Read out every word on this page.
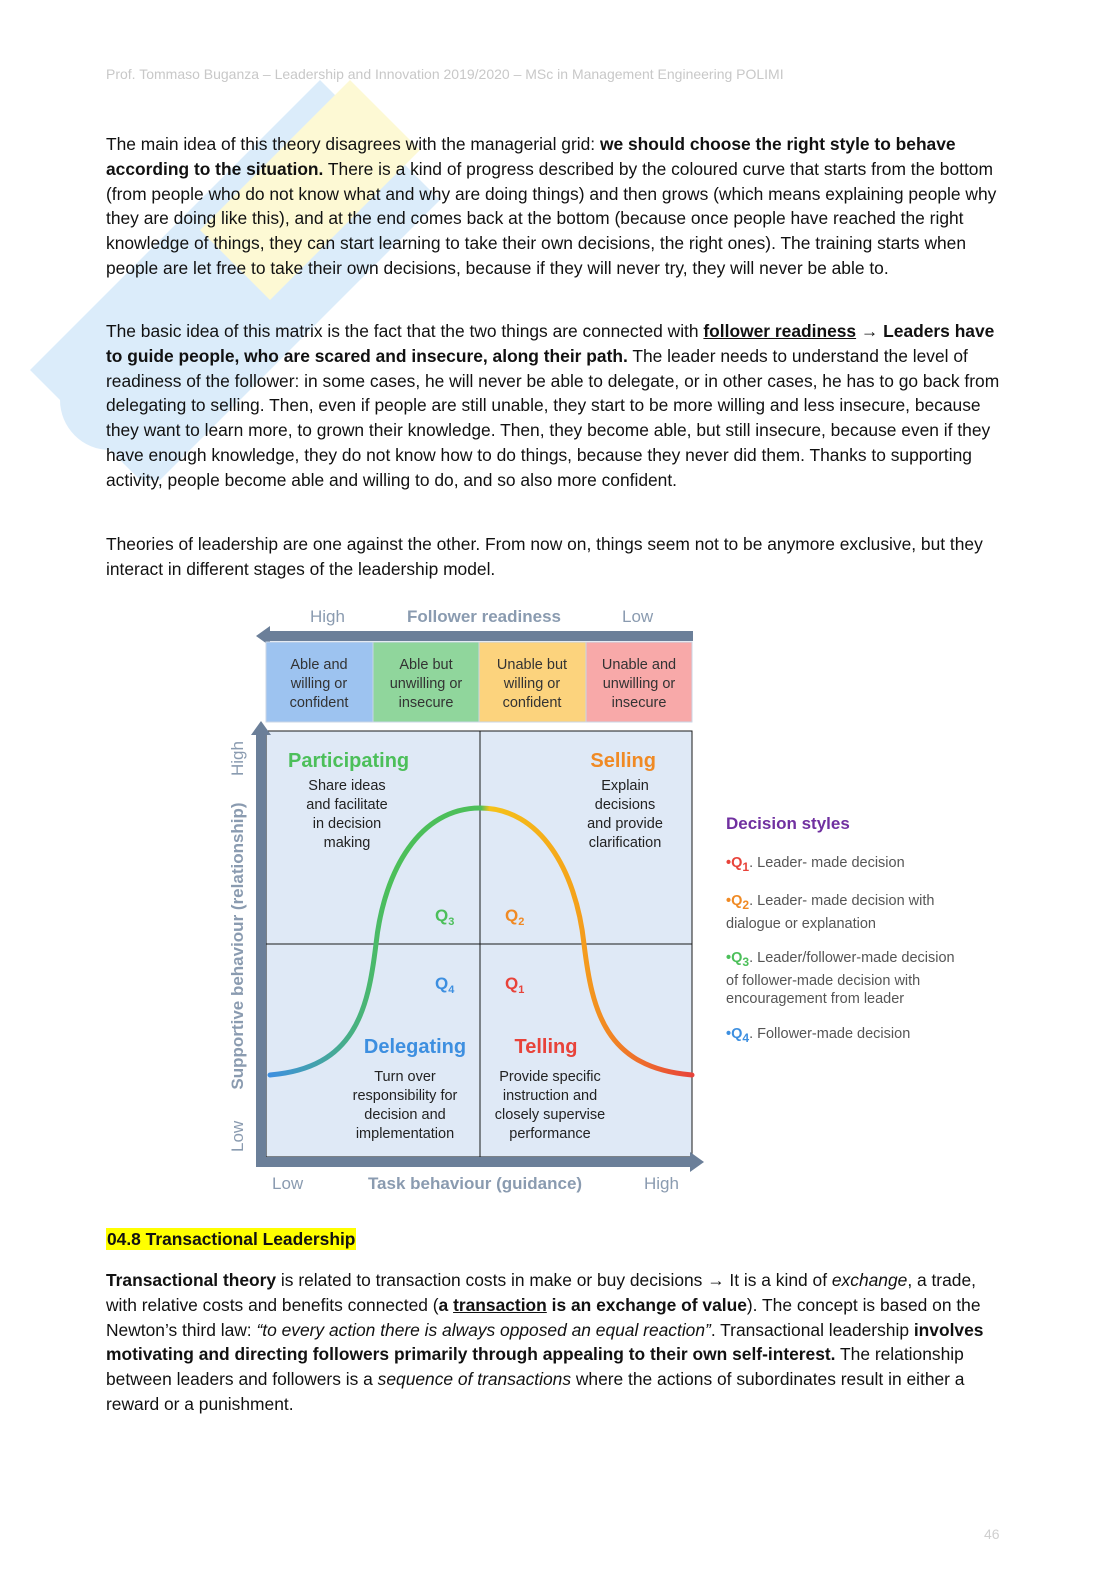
Prof. Tommaso Buganza – Leadership and Innovation 2019/2020 – MSc in Management Engineering POLIMI

The main idea of this theory disagrees with the managerial grid: we should choose the right style to behave according to the situation. There is a kind of progress described by the coloured curve that starts from the bottom (from people who do not know what and why are doing things) and then grows (which means explaining people why they are doing like this), and at the end comes back at the bottom (because once people have reached the right knowledge of things, they can start learning to take their own decisions, the right ones). The training starts when people are let free to take their own decisions, because if they will never try, they will never be able to.

The basic idea of this matrix is the fact that the two things are connected with follower readiness → Leaders have to guide people, who are scared and insecure, along their path. The leader needs to understand the level of readiness of the follower: in some cases, he will never be able to delegate, or in other cases, he has to go back from delegating to selling. Then, even if people are still unable, they start to be more willing and less insecure, because they want to learn more, to grown their knowledge. Then, they become able, but still insecure, because even if they have enough knowledge, they do not know how to do things, because they never did them. Thanks to supporting activity, people become able and willing to do, and so also more confident.

Theories of leadership are one against the other. From now on, things seem not to be anymore exclusive, but they interact in different stages of the leadership model.

High	Follower readiness	Low
Able and
willing or
confident
Able but
unwilling or
insecure
Unable but
willing or
confident
Unable and
unwilling or
insecure
Low
Supportive behaviour (relationship)
High
Low	Task behaviour (guidance)	High
Participating
Share ideas
and facilitate
in decision
making
Selling
Explain
decisions
and provide
clarification
Delegating
Turn over
responsibility for
decision and
implementation
Telling
Provide specific
instruction and
closely supervise
performance
$Q_3$	$Q_2$
$Q_4$	$Q_1$
Decision styles
$•Q_1$. Leader- made decision
$•Q_2$. Leader- made decision with dialogue or explanation
$•Q_3$. Leader/follower-made decision of follower-made decision with encouragement from leader
$•Q_4$. Follower-made decision
04.8 Transactional Leadership

Transactional theory is related to transaction costs in make or buy decisions → It is a kind of exchange, a trade, with relative costs and benefits connected (a transaction is an exchange of value). The concept is based on the Newton’s third law: “to every action there is always opposed an equal reaction”. Transactional leadership involves motivating and directing followers primarily through appealing to their own self-interest. The relationship between leaders and followers is a sequence of transactions where the actions of subordinates result in either a reward or a punishment.

46
